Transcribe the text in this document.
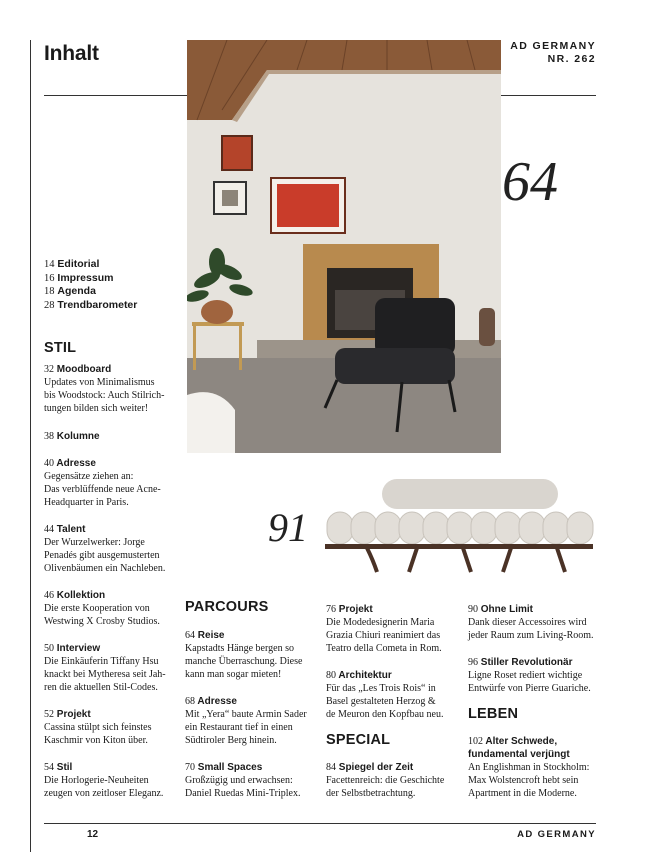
Inhalt	AD GERMANY
NR. 262
64
91
14 Editorial
16 Impressum
18 Agenda
28 Trendbarometer
STIL
32 Moodboard
Updates von Minimalismus
bis Woodstock: Auch Stilrich-
tungen bilden sich weiter!
38 Kolumne
40 Adresse
Gegensätze ziehen an:
Das verblüffende neue Acne-
Headquarter in Paris.
44 Talent
Der Wurzelwerker: Jorge
Penadés gibt ausgemusterten
Olivenbäumen ein Nachleben.
46 Kollektion
Die erste Kooperation von
Westwing X Crosby Studios.
50 Interview
Die Einkäuferin Tiffany Hsu
knackt bei Mytheresa seit Jah-
ren die aktuellen Stil-Codes.
52 Projekt
Cassina stülpt sich feinstes
Kaschmir von Kiton über.
54 Stil
Die Horlogerie-Neuheiten
zeugen von zeitloser Eleganz.
PARCOURS
64 Reise
Kapstadts Hänge bergen so
manche Überraschung. Diese
kann man sogar mieten!
68 Adresse
Mit „Yera“ baute Armin Sader
ein Restaurant tief in einen
Südtiroler Berg hinein.
70 Small Spaces
Großzügig und erwachsen:
Daniel Ruedas Mini-Triplex.
76 Projekt
Die Modedesignerin Maria
Grazia Chiuri reanimiert das
Teatro della Cometa in Rom.
80 Architektur
Für das „Les Trois Rois“ in
Basel gestalteten Herzog &
de Meuron den Kopfbau neu.
SPECIAL
84 Spiegel der Zeit
Facettenreich: die Geschichte
der Selbstbetrachtung.
90 Ohne Limit
Dank dieser Accessoires wird
jeder Raum zum Living-Room.
96 Stiller Revolutionär
Ligne Roset rediert wichtige
Entwürfe von Pierre Guariche.
LEBEN
102 Alter Schwede,
fundamental verjüngt
An Englishman in Stockholm:
Max Wolstencroft hebt sein
Apartment in die Moderne.
12	AD GERMANY
